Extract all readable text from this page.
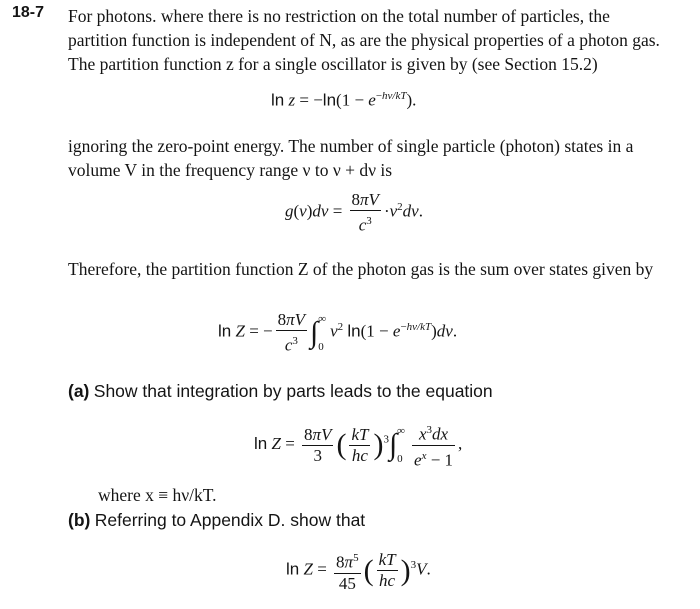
18-7 For photons. where there is no restriction on the total number of particles, the partition function is independent of N, as are the physical properties of a photon gas. The partition function z for a single oscillator is given by (see Section 15.2)
$\ln z = -\ln(1 - e^{-h\nu/kT})$.
ignoring the zero-point energy. The number of single particle (photon) states in a volume V in the frequency range ν to ν + dν is
$g(\nu)d\nu = \frac{8\pi V}{c^3} \cdot\nu^2d\nu$.
Therefore, the partition function Z of the photon gas is the sum over states given by
ln Z = − $\frac{8\pi V}{c^3}$ ∫∞

$0\nu^2$ $\ln(1 - e^{-h\nu/kT})d\nu$.
(a) Show that integration by parts leads to the equation
$\ln Z = \frac{8\pi V}{3}$ ( $\frac{kT}{hc} )^3\int\infty$

$0 \frac{x^3dx}{e^x - 1}$ ,
where x ≡ hν/kT.
(b) Referring to Appendix D. show that
$\ln Z = \frac{8\pi^5}{45}$ ( $\frac{kT}{hc} )^3V$.
